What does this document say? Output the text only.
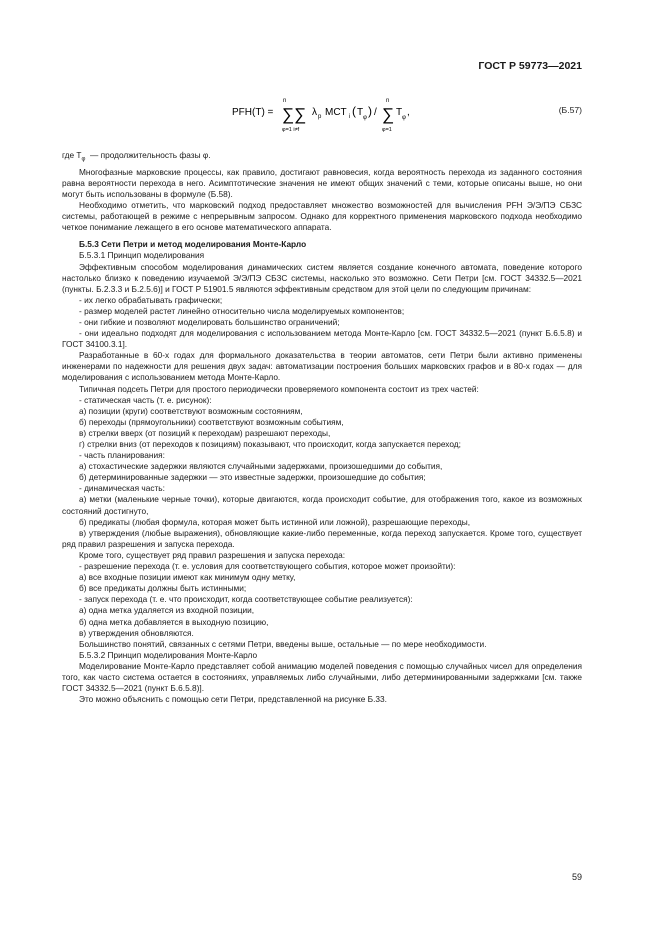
ГОСТ Р 59773—2021
PFH(T) =
n
∑∑
φ=1 i≠f
λ p MCT i ( T φ ) /
n
∑
φ=1
T φ ,	(Б.57)

где $T_\varphi$ — продолжительность фазы φ.

Многофазные марковские процессы, как правило, достигают равновесия, когда вероятность перехода из заданного состояния равна вероятности перехода в него. Асимптотические значения не имеют общих значений с теми, которые описаны выше, но они могут быть использованы в формуле (Б.58).

Необходимо отметить, что марковский подход предоставляет множество возможностей для вычисления PFH Э/Э/ПЭ СБЗС системы, работающей в режиме с непрерывным запросом. Однако для корректного применения марковского подхода необходимо четкое понимание лежащего в его основе математического аппарата.

Б.5.3 Сети Петри и метод моделирования Монте-Карло

Б.5.3.1 Принцип моделирования

Эффективным способом моделирования динамических систем является создание конечного автомата, поведение которого настолько близко к поведению изучаемой Э/Э/ПЭ СБЗС системы, насколько это возможно. Сети Петри [см. ГОСТ 34332.5—2021 (пункты. Б.2.3.3 и Б.2.5.6)] и ГОСТ Р 51901.5 являются эффективным средством для этой цели по следующим причинам:

- их легко обрабатывать графически;

- размер моделей растет линейно относительно числа моделируемых компонентов;

- они гибкие и позволяют моделировать большинство ограничений;

- они идеально подходят для моделирования с использованием метода Монте-Карло [см. ГОСТ 34332.5—2021 (пункт Б.6.5.8) и ГОСТ 34100.3.1].

Разработанные в 60-х годах для формального доказательства в теории автоматов, сети Петри были активно применены инженерами по надежности для решения двух задач: автоматизации построения больших марковских графов и в 80-х годах — для моделирования с использованием метода Монте-Карло.

Типичная подсеть Петри для простого периодически проверяемого компонента состоит из трех частей:

- статическая часть (т. е. рисунок):

а) позиции (круги) соответствуют возможным состояниям,

б) переходы (прямоугольники) соответствуют возможным событиям,

в) стрелки вверх (от позиций к переходам) разрешают переходы,

г) стрелки вниз (от переходов к позициям) показывают, что происходит, когда запускается переход;

- часть планирования:

а) стохастические задержки являются случайными задержками, произошедшими до события,

б) детерминированные задержки — это известные задержки, произошедшие до события;

- динамическая часть:

а) метки (маленькие черные точки), которые двигаются, когда происходит событие, для отображения того, какое из возможных состояний достигнуто,

б) предикаты (любая формула, которая может быть истинной или ложной), разрешающие переходы,

в) утверждения (любые выражения), обновляющие какие-либо переменные, когда переход запускается. Кроме того, существует ряд правил разрешения и запуска перехода.

Кроме того, существует ряд правил разрешения и запуска перехода:

- разрешение перехода (т. е. условия для соответствующего события, которое может произойти):

а) все входные позиции имеют как минимум одну метку,

б) все предикаты должны быть истинными;

- запуск перехода (т. е. что происходит, когда соответствующее событие реализуется):

а) одна метка удаляется из входной позиции,

б) одна метка добавляется в выходную позицию,

в) утверждения обновляются.

Большинство понятий, связанных с сетями Петри, введены выше, остальные — по мере необходимости.

Б.5.3.2 Принцип моделирования Монте-Карло

Моделирование Монте-Карло представляет собой анимацию моделей поведения с помощью случайных чисел для определения того, как часто система остается в состояниях, управляемых либо случайными, либо детерминированными задержками [см. также ГОСТ 34332.5—2021 (пункт Б.6.5.8)].

Это можно объяснить с помощью сети Петри, представленной на рисунке Б.33.

59
